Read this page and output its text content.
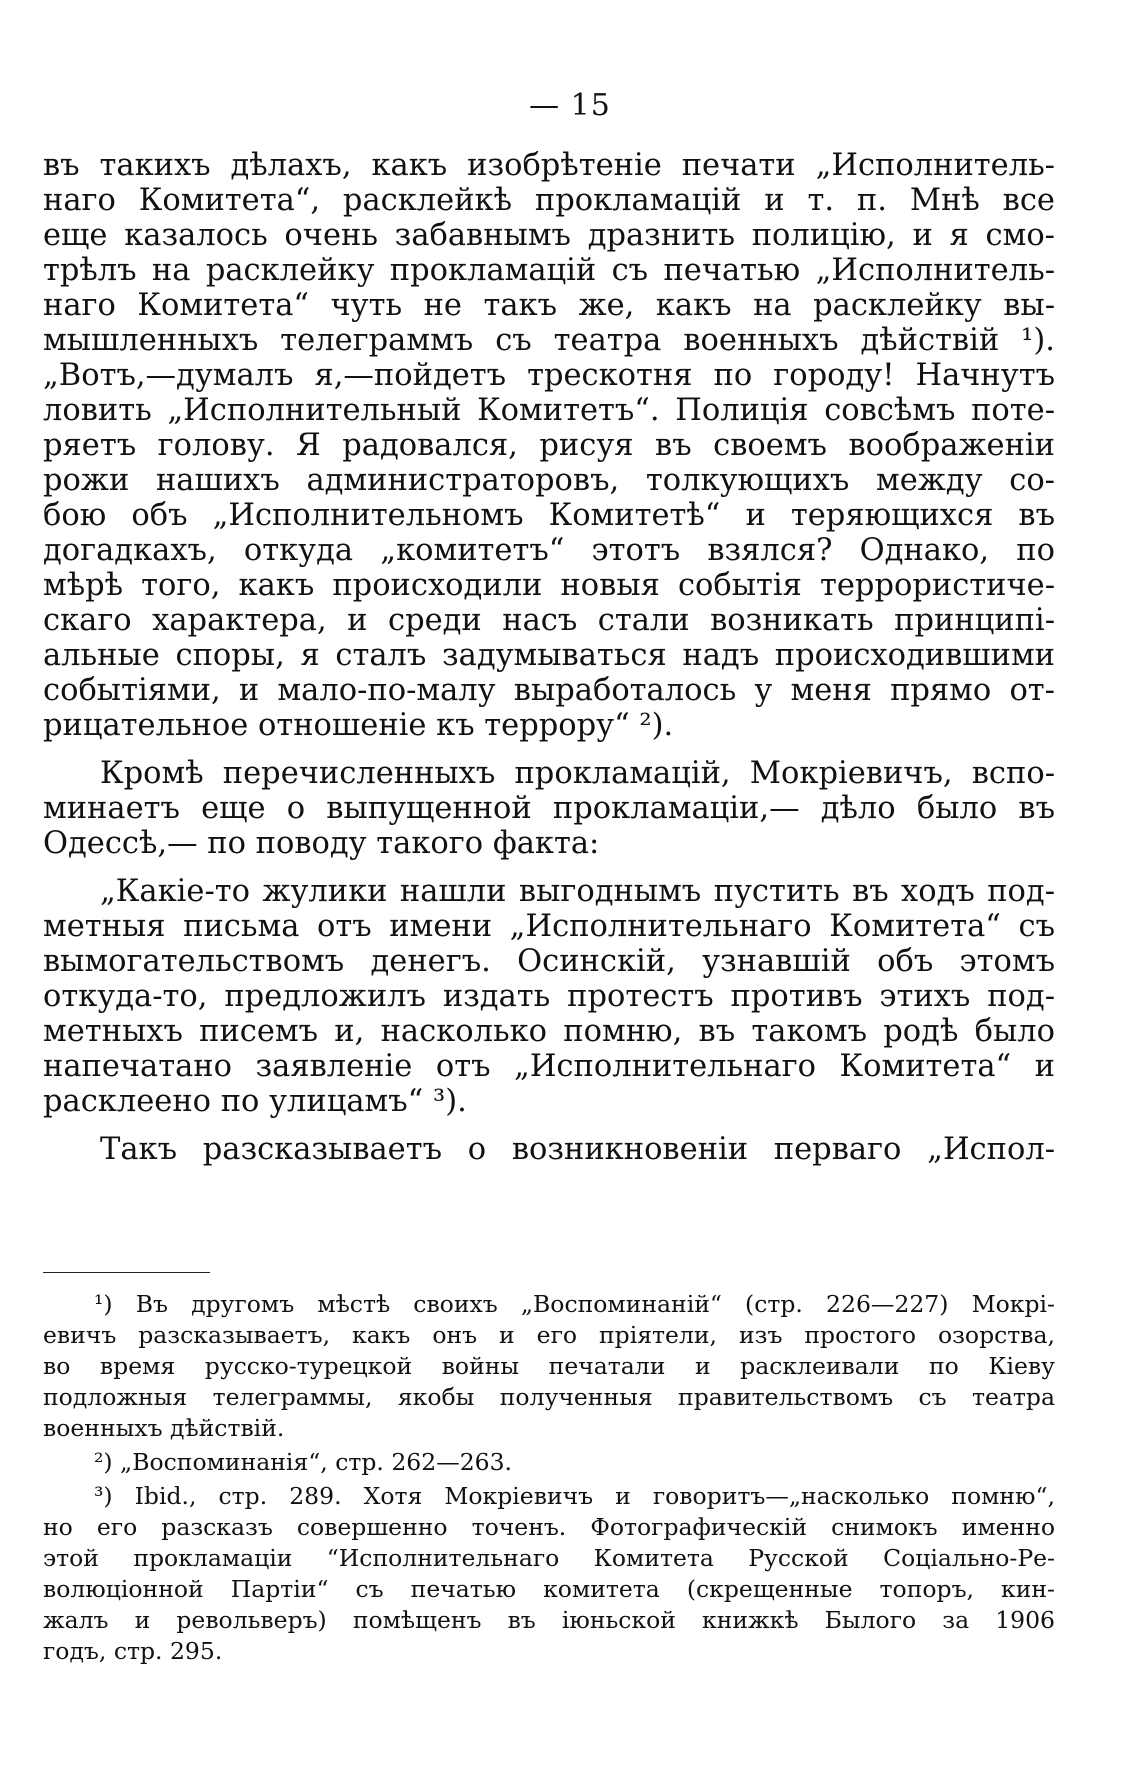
— 15
въ такихъ дѣлахъ, какъ изобрѣтеніе печати „Исполнитель-
наго Комитета“, расклейкѣ прокламацій и т. п. Мнѣ все
еще казалось очень забавнымъ дразнить полицію, и я смо-
трѣлъ на расклейку прокламацій съ печатью „Исполнитель-
наго Комитета“ чуть не такъ же, какъ на расклейку вы-
мышленныхъ телеграммъ съ театра военныхъ дѣйствій ¹).
„Вотъ,—думалъ я,—пойдетъ трескотня по городу! Начнутъ
ловить „Исполнительный Комитетъ“. Полиція совсѣмъ поте-
ряетъ голову. Я радовался, рисуя въ своемъ воображеніи
рожи нашихъ администраторовъ, толкующихъ между со-
бою объ „Исполнительномъ Комитетѣ“ и теряющихся въ
догадкахъ, откуда „комитетъ“ этотъ взялся? Однако, по
мѣрѣ того, какъ происходили новыя событія террористиче-
скаго характера, и среди насъ стали возникать принципі-
альные споры, я сталъ задумываться надъ происходившими
событіями, и мало-по-малу выработалось у меня прямо от-
рицательное отношеніе къ террору“ ²).
Кромѣ перечисленныхъ прокламацій, Мокріевичъ, вспо-
минаетъ еще о выпущенной прокламаціи,— дѣло было въ
Одессѣ,— по поводу такого факта:
„Какіе-то жулики нашли выгоднымъ пустить въ ходъ под-
метныя письма отъ имени „Исполнительнаго Комитета“ съ
вымогательствомъ денегъ. Осинскій, узнавшій объ этомъ
откуда-то, предложилъ издать протестъ противъ этихъ под-
метныхъ писемъ и, насколько помню, въ такомъ родѣ было
напечатано заявленіе отъ „Исполнительнаго Комитета“ и
расклеено по улицамъ“ ³).
Такъ разсказываетъ о возникновеніи перваго „Испол-
¹) Въ другомъ мѣстѣ своихъ „Воспоминаній“ (стр. 226—227) Мокрі-
евичъ разсказываетъ, какъ онъ и его пріятели, изъ простого озорства,
во время русско-турецкой войны печатали и расклеивали по Кіеву
подложныя телеграммы, якобы полученныя правительствомъ съ театра
военныхъ дѣйствій.
²) „Воспоминанія“, стр. 262—263.
³) Ibid., стр. 289. Хотя Мокріевичъ и говоритъ—„насколько помню“,
но его разсказъ совершенно точенъ. Фотографическій снимокъ именно
этой прокламаціи “Исполнительнаго Комитета Русской Соціально-Ре-
волюціонной Партіи“ съ печатью комитета (скрещенные топоръ, кин-
жалъ и револьверъ) помѣщенъ въ іюньской книжкѣ Былого за 1906
годъ, стр. 295.
